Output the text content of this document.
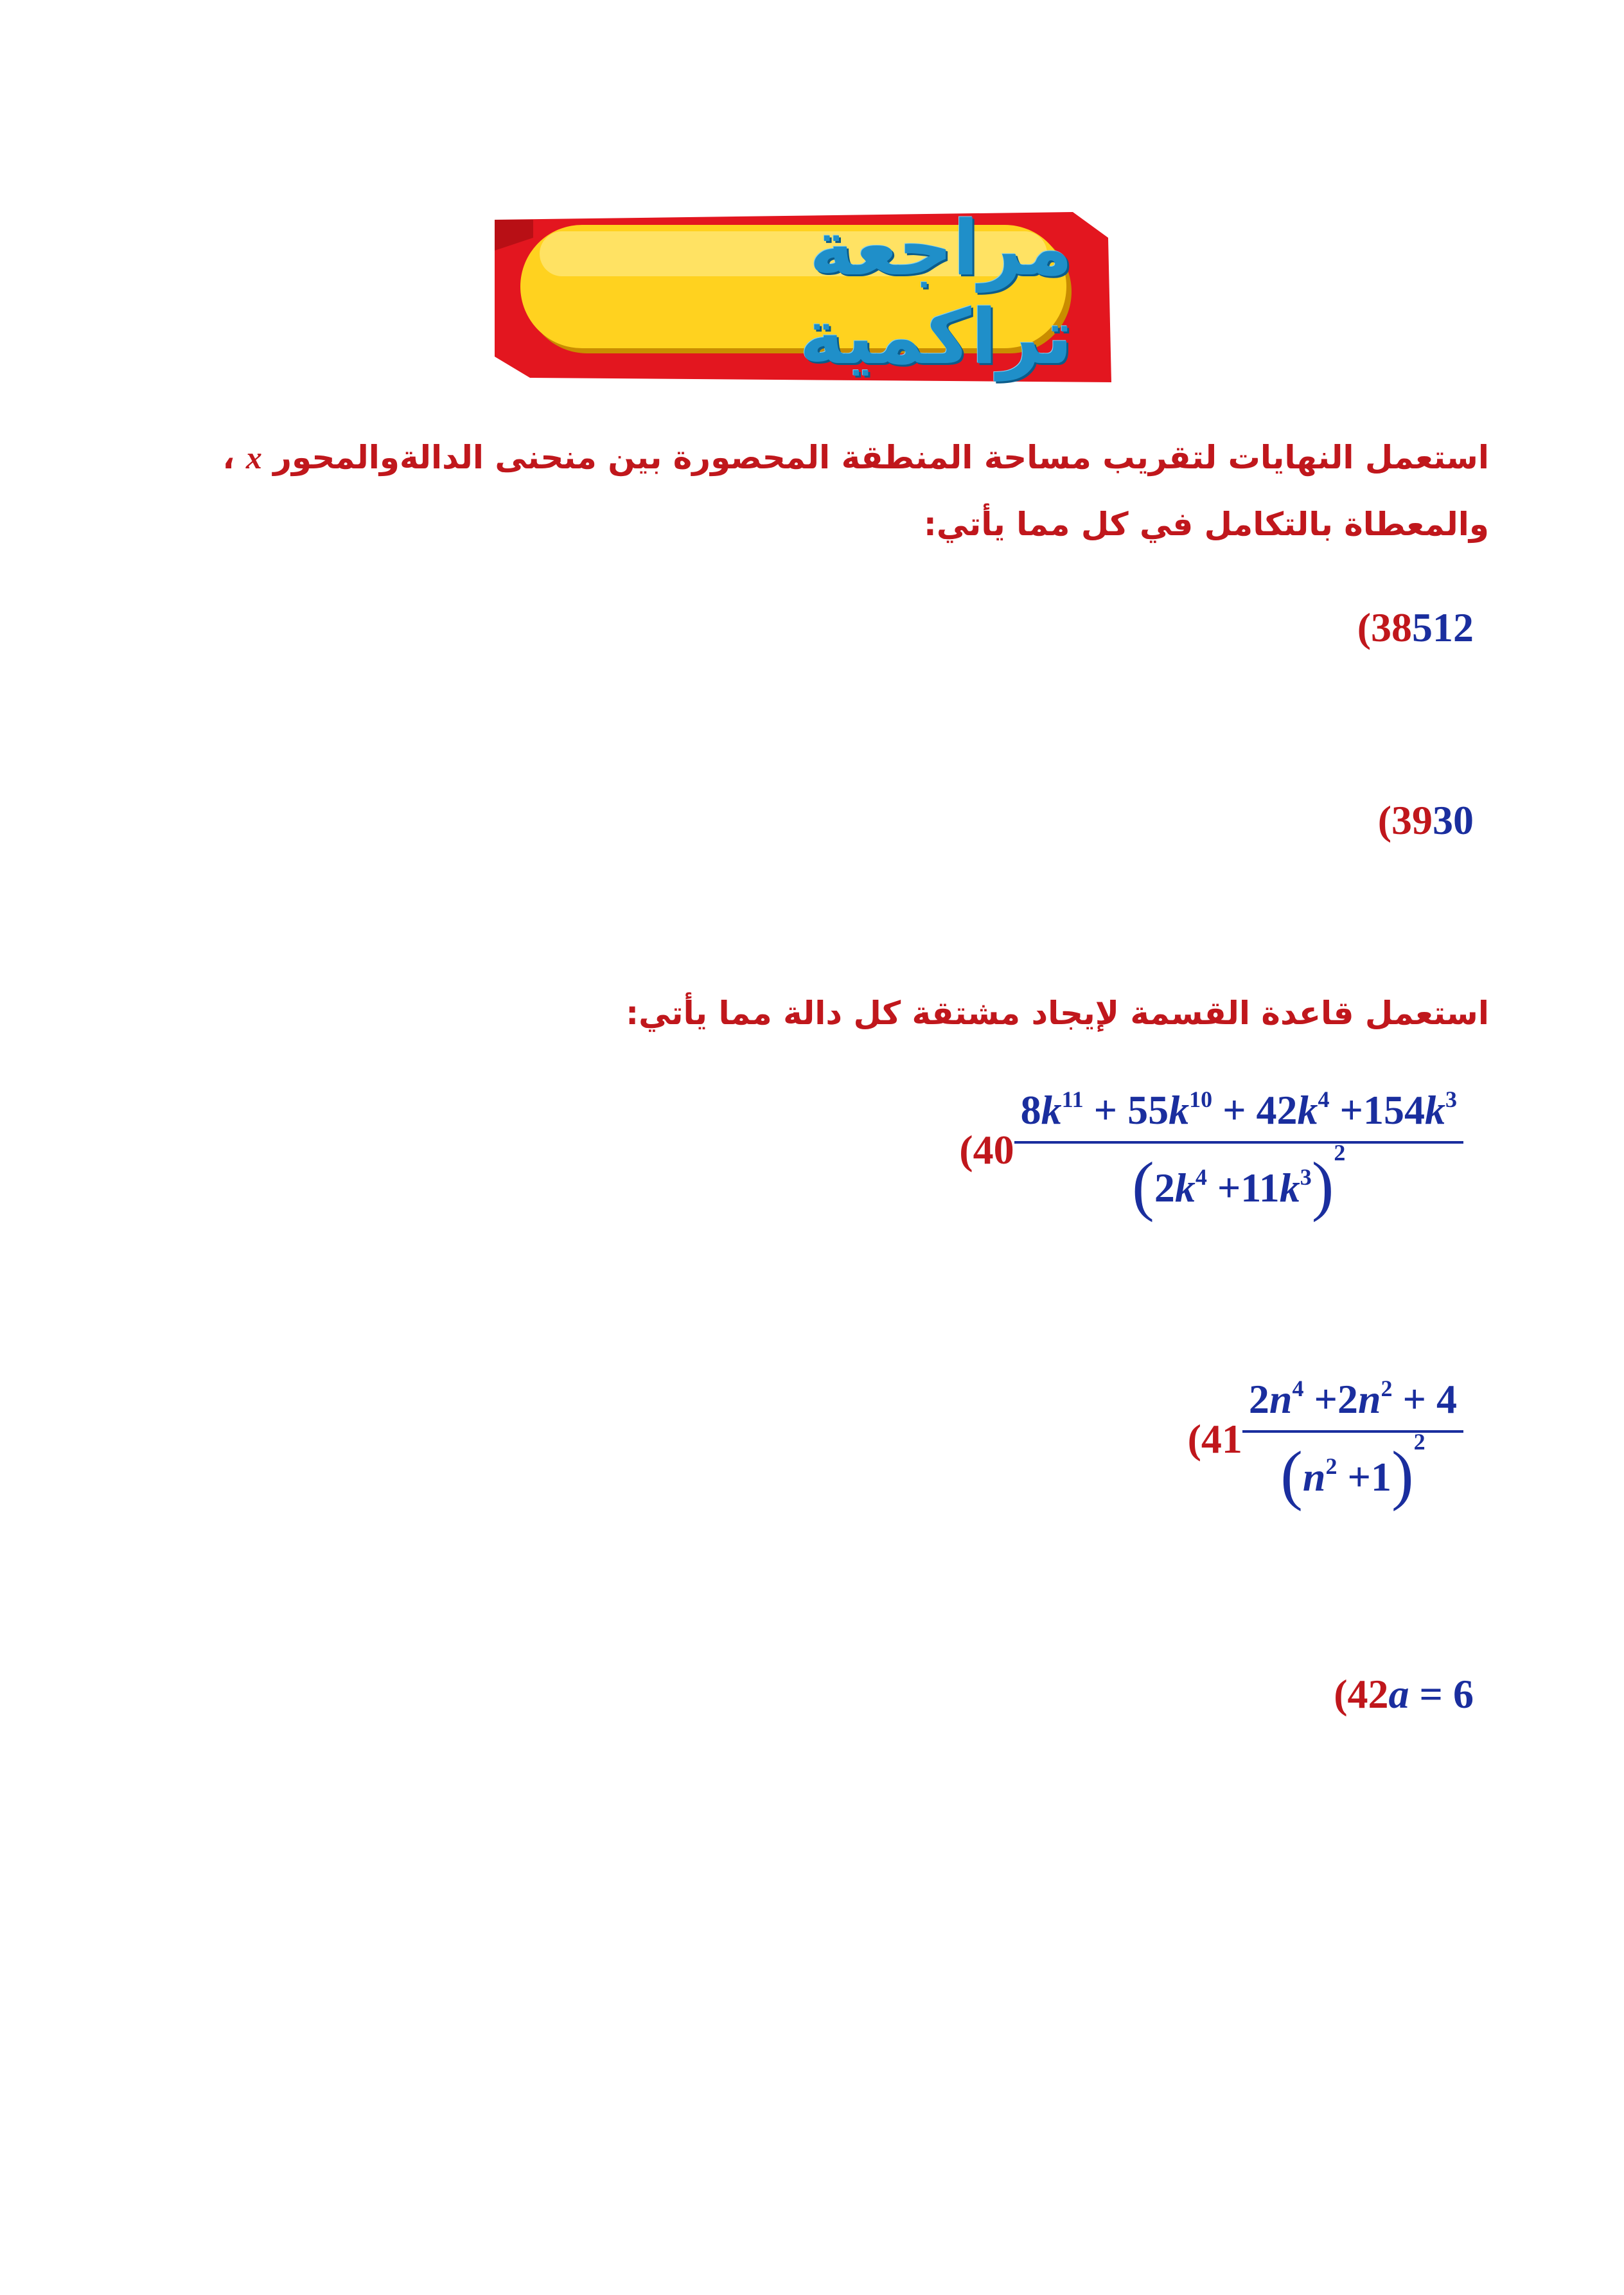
مراجعة تراكمية

استعمل النهايات لتقريب مساحة المنطقة المحصورة بين منحنى الدالةوالمحور x ، والمعطاة بالتكامل في كل مما يأتي:

(38 512
(39 30

استعمل قاعدة القسمة لإيجاد مشتقة كل دالة مما يأتي:

($40 \frac{8k^{11} + 55k^{10} + 42k^4 +154k^3}{(2k^4 +11k^3)^2}$
($41 \frac{2n^4 +2n^2 + 4}{(n^2 +1)^2}$
(42 a = 6
